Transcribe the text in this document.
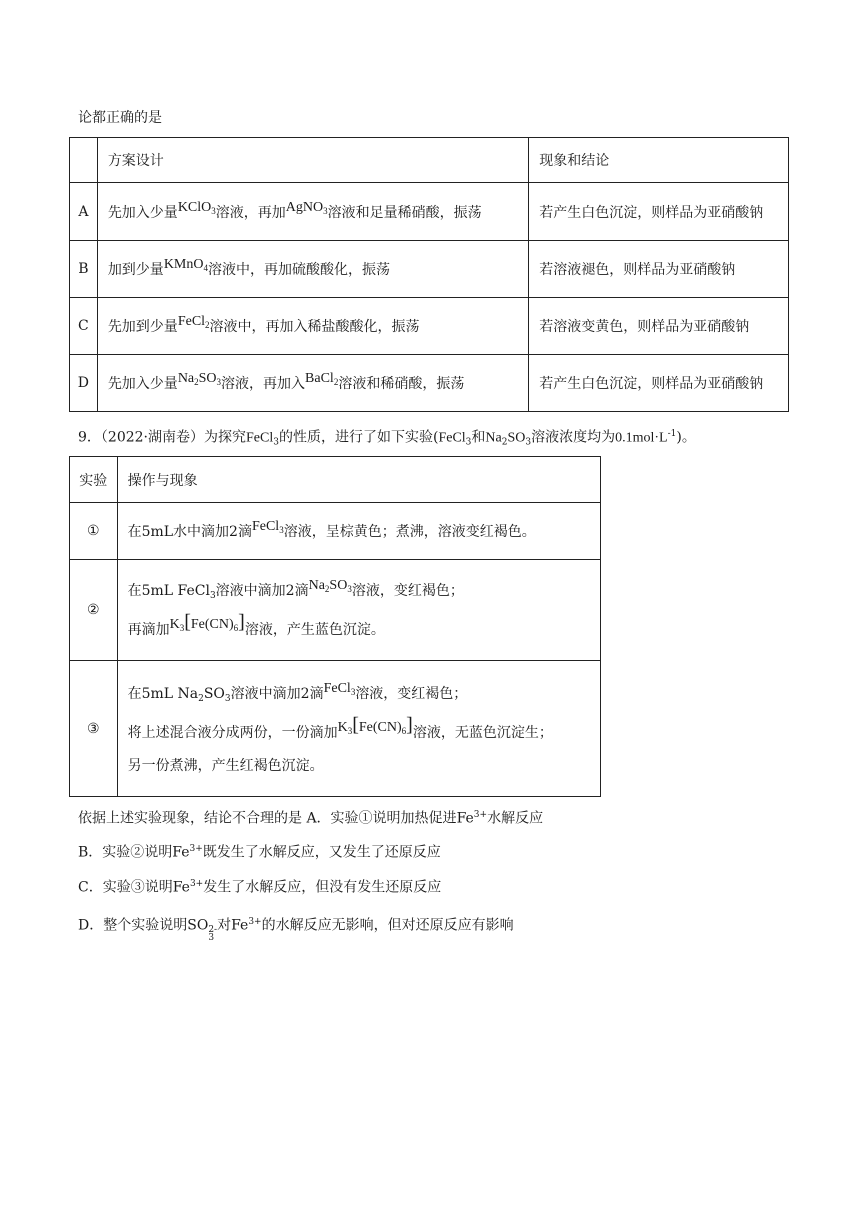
论都正确的是
	方案设计	现象和结论
A	先加入少量KClO$_3$溶液，再加AgNO$_3$溶液和足量稀硝酸，振荡	若产生白色沉淀，则样品为亚硝酸钠
B	加到少量KMnO$_4$溶液中，再加硫酸酸化，振荡	若溶液褪色，则样品为亚硝酸钠
C	先加到少量FeCl$_2$溶液中，再加入稀盐酸酸化，振荡	若溶液变黄色，则样品为亚硝酸钠
D	先加入少量$Na_2SO_3$溶液，再加入BaCl$_2$溶液和稀硝酸，振荡	若产生白色沉淀，则样品为亚硝酸钠
9．（2022·湖南卷）为探究FeCl$_3$的性质，进行了如下实验(FeCl$_3$和$Na_2SO_3$溶液浓度均为$0.1mol\cdot L^{-1}$)。
实验	操作与现象
①	在5mL水中滴加2滴FeCl$_3$溶液，呈棕黄色；煮沸，溶液变红褐色。
②	在5mL FeCl$_3$溶液中滴加2滴$Na_2SO_3$溶液，变红褐色；
再滴加$K_3[Fe(CN)_6]$溶液，产生蓝色沉淀。

③	在5mL $Na_2SO_3$溶液中滴加2滴FeCl$_3$溶液，变红褐色；
将上述混合液分成两份，一份滴加$K_3[Fe(CN)_6]$溶液，无蓝色沉淀生；
另一份煮沸，产生红褐色沉淀。
依据上述实验现象，结论不合理的是 A．实验①说明加热促进$Fe^{3+}$水解反应
B．实验②说明$Fe^{3+}$既发生了水解反应，又发生了还原反应
C．实验③说明$Fe^{3+}$发生了水解反应，但没有发生还原反应
D．整个实验说明SO 2-
3
对$Fe^{3+}$的水解反应无影响，但对还原反应有影响
